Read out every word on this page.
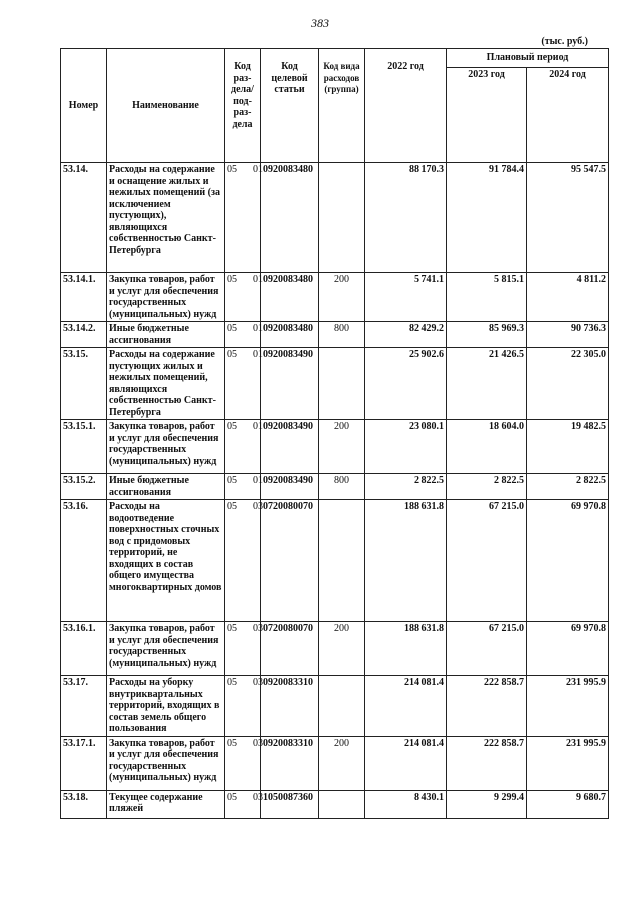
383
(тыс. руб.)
Номер	Наименование	Код раз- дела/ под- раз- дела	Код целевой статьи	Код вида расходов (группа)	2022 год	Плановый период	
						2023 год	2024 год
53.14.	Расходы на содержание и оснащение жилых и нежилых помещений (за исключением пустующих), являющихся собственностью Санкт-Петербурга	05 01	0920083480		88 170.3	91 784.4	95 547.5
53.14.1.	Закупка товаров, работ и услуг для обеспечения государственных (муниципальных) нужд	05 01	0920083480	200	5 741.1	5 815.1	4 811.2
53.14.2.	Иные бюджетные ассигнования	05 01	0920083480	800	82 429.2	85 969.3	90 736.3
53.15.	Расходы на содержание пустующих жилых и нежилых помещений, являющихся собственностью Санкт-Петербурга	05 01	0920083490		25 902.6	21 426.5	22 305.0
53.15.1.	Закупка товаров, работ и услуг для обеспечения государственных (муниципальных) нужд	05 01	0920083490	200	23 080.1	18 604.0	19 482.5
53.15.2.	Иные бюджетные ассигнования	05 01	0920083490	800	2 822.5	2 822.5	2 822.5
53.16.	Расходы на водоотведение поверхностных сточных вод с придомовых территорий, не входящих в состав общего имущества многоквартирных домов	05 03	0720080070		188 631.8	67 215.0	69 970.8
53.16.1.	Закупка товаров, работ и услуг для обеспечения государственных (муниципальных) нужд	05 03	0720080070	200	188 631.8	67 215.0	69 970.8
53.17.	Расходы на уборку внутриквартальных территорий, входящих в состав земель общего пользования	05 03	0920083310		214 081.4	222 858.7	231 995.9
53.17.1.	Закупка товаров, работ и услуг для обеспечения государственных (муниципальных) нужд	05 03	0920083310	200	214 081.4	222 858.7	231 995.9
53.18.	Текущее содержание пляжей	05 03	1050087360		8 430.1	9 299.4	9 680.7
